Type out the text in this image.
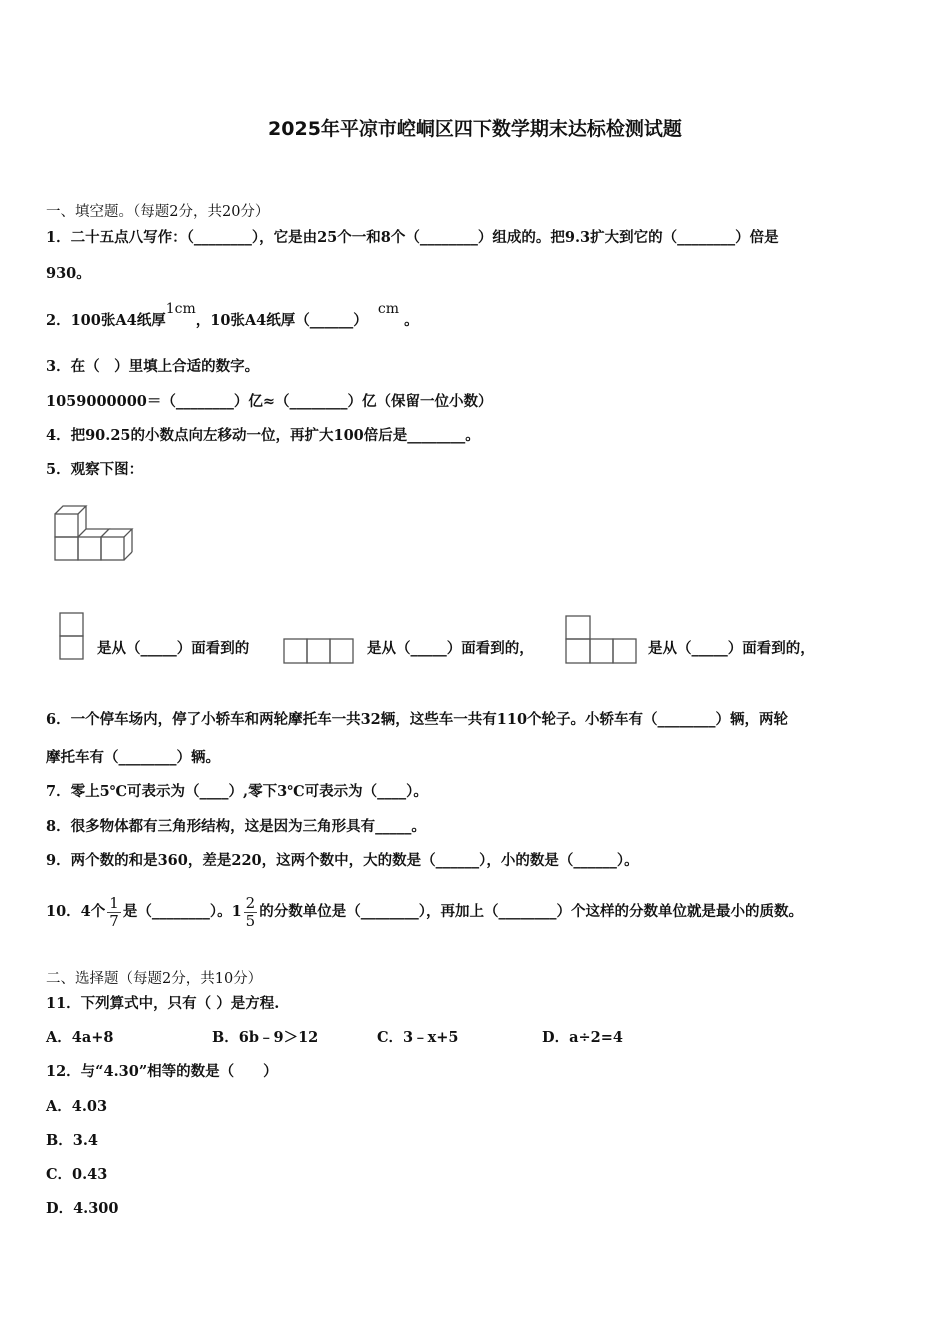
2025年平凉市崆峒区四下数学期末达标检测试题
一、填空题。（每题2分，共20分）
1．二十五点八写作：（________），它是由25个一和8个（________）组成的。把9.3扩大到它的（________）倍是
930。
2．100张A4纸厚1cm，10张A4纸厚（______）  cm 。
3．在（　）里填上合适的数字。
1059000000＝（________）亿≈（________）亿（保留一位小数）
4．把90.25的小数点向左移动一位，再扩大100倍后是________。
5．观察下图：
是从（_____）面看到的	是从（_____）面看到的，	是从（_____）面看到的，
6．一个停车场内，停了小轿车和两轮摩托车一共32辆，这些车一共有110个轮子。小轿车有（________）辆，两轮
摩托车有（________）辆。
7．零上5℃可表示为（____）,零下3℃可表示为（____）。
8．很多物体都有三角形结构，这是因为三角形具有_____。
9．两个数的和是360，差是220，这两个数中，大的数是（______），小的数是（______）。
10．4个 $\frac{1}{7}$ 是（________）。$1 \frac{2}{5}$ 的分数单位是（________），再加上（________）个这样的分数单位就是最小的质数。
二、选择题（每题2分，共10分）
11．下列算式中，只有（ ）是方程.
A．4a+8	B．6b﹣9＞12	C．3﹣x+5	D．a÷2=4
12．与“4.30”相等的数是（　　）
A．4.03
B．3.4
C．0.43
D．4.300
